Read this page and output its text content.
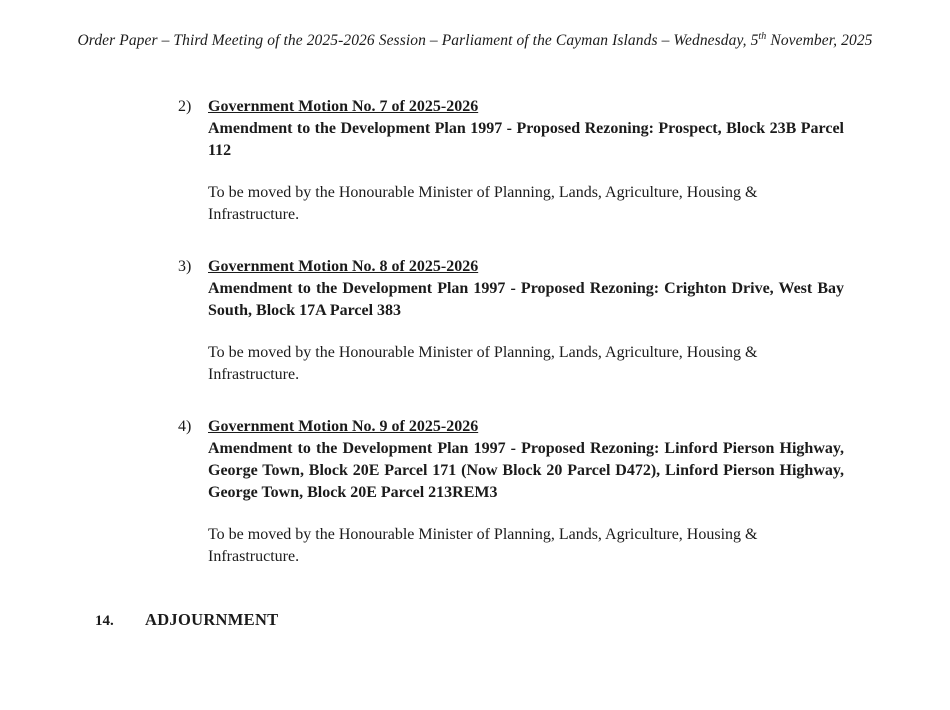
Order Paper – Third Meeting of the 2025-2026 Session – Parliament of the Cayman Islands – Wednesday, 5th November, 2025
2)	Government Motion No. 7 of 2025-2026
Amendment to the Development Plan 1997 - Proposed Rezoning: Prospect, Block 23B Parcel 112
To be moved by the Honourable Minister of Planning, Lands, Agriculture, Housing & Infrastructure.
3)	Government Motion No. 8 of 2025-2026
Amendment to the Development Plan 1997 - Proposed Rezoning: Crighton Drive, West Bay South, Block 17A Parcel 383
To be moved by the Honourable Minister of Planning, Lands, Agriculture, Housing & Infrastructure.
4)	Government Motion No. 9 of 2025-2026
Amendment to the Development Plan 1997 - Proposed Rezoning: Linford Pierson Highway, George Town, Block 20E Parcel 171 (Now Block 20 Parcel D472), Linford Pierson Highway, George Town, Block 20E Parcel 213REM3
To be moved by the Honourable Minister of Planning, Lands, Agriculture, Housing & Infrastructure.
14.	ADJOURNMENT
